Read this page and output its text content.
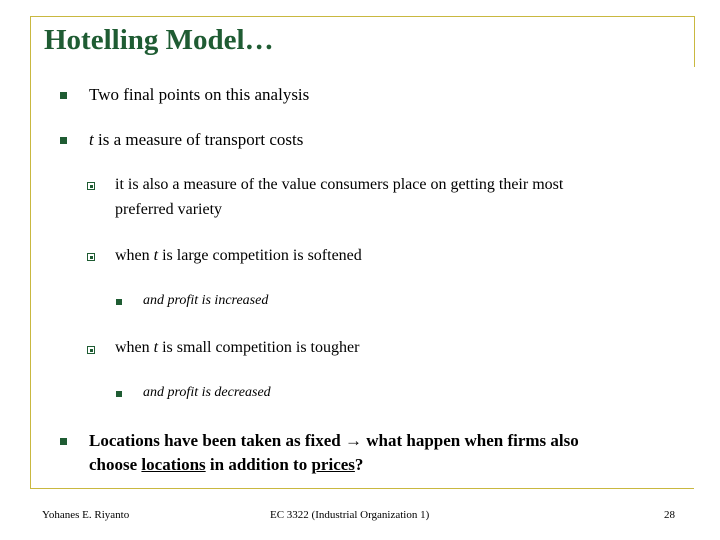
Hotelling Model…
Two final points on this analysis
t is a measure of transport costs
it is also a measure of the value consumers place on getting their most
preferred variety
when t is large competition is softened
and profit is increased
when t is small competition is tougher
and profit is decreased
Locations have been taken as fixed → what happen when firms also
choose locations in addition to prices?
Yohanes E. Riyanto	EC 3322 (Industrial Organization 1)	28
